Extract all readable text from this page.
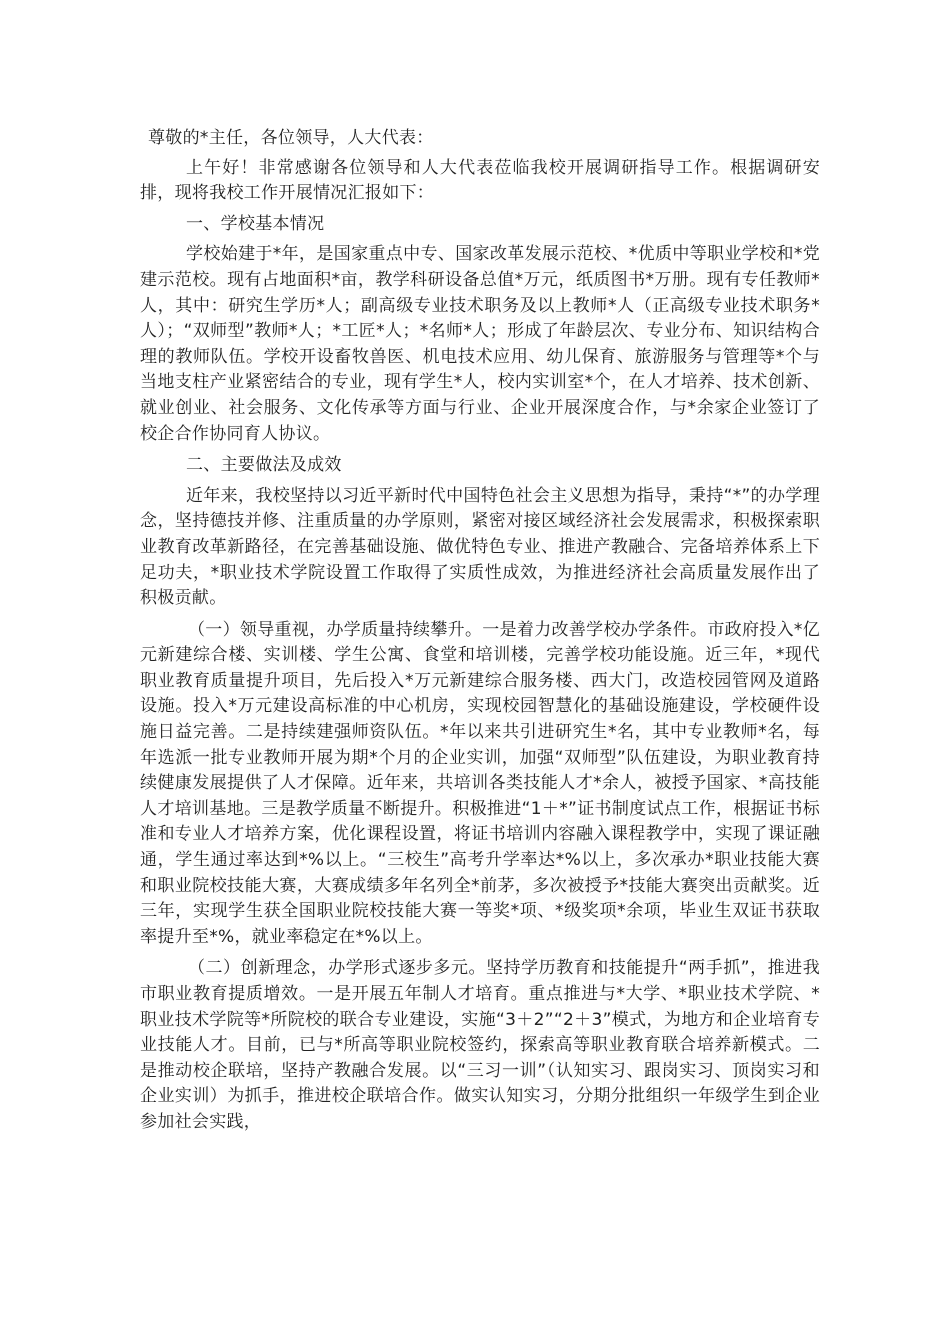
尊敬的*主任，各位领导，人大代表：

上午好！非常感谢各位领导和人大代表莅临我校开展调研指导工作。根据调研安排，现将我校工作开展情况汇报如下：

一、学校基本情况

学校始建于*年，是国家重点中专、国家改革发展示范校、*优质中等职业学校和*党建示范校。现有占地面积*亩，教学科研设备总值*万元，纸质图书*万册。现有专任教师*人，其中：研究生学历*人；副高级专业技术职务及以上教师*人（正高级专业技术职务*人）；“双师型”教师*人；*工匠*人；*名师*人；形成了年龄层次、专业分布、知识结构合理的教师队伍。学校开设畜牧兽医、机电技术应用、幼儿保育、旅游服务与管理等*个与当地支柱产业紧密结合的专业，现有学生*人，校内实训室*个，在人才培养、技术创新、就业创业、社会服务、文化传承等方面与行业、企业开展深度合作，与*余家企业签订了校企合作协同育人协议。

二、主要做法及成效

近年来，我校坚持以习近平新时代中国特色社会主义思想为指导，秉持“*”的办学理念，坚持德技并修、注重质量的办学原则，紧密对接区域经济社会发展需求，积极探索职业教育改革新路径，在完善基础设施、做优特色专业、推进产教融合、完备培养体系上下足功夫，*职业技术学院设置工作取得了实质性成效，为推进经济社会高质量发展作出了积极贡献。

（一）领导重视，办学质量持续攀升。一是着力改善学校办学条件。市政府投入*亿元新建综合楼、实训楼、学生公寓、食堂和培训楼，完善学校功能设施。近三年，*现代职业教育质量提升项目，先后投入*万元新建综合服务楼、西大门，改造校园管网及道路设施。投入*万元建设高标准的中心机房，实现校园智慧化的基础设施建设，学校硬件设施日益完善。二是持续建强师资队伍。*年以来共引进研究生*名，其中专业教师*名，每年选派一批专业教师开展为期*个月的企业实训，加强“双师型”队伍建设，为职业教育持续健康发展提供了人才保障。近年来，共培训各类技能人才*余人，被授予国家、*高技能人才培训基地。三是教学质量不断提升。积极推进“1＋*”证书制度试点工作，根据证书标准和专业人才培养方案，优化课程设置，将证书培训内容融入课程教学中，实现了课证融通，学生通过率达到*%以上。“三校生”高考升学率达*%以上，多次承办*职业技能大赛和职业院校技能大赛，大赛成绩多年名列全*前茅，多次被授予*技能大赛突出贡献奖。近三年，实现学生获全国职业院校技能大赛一等奖*项、*级奖项*余项，毕业生双证书获取率提升至*%，就业率稳定在*%以上。

（二）创新理念，办学形式逐步多元。坚持学历教育和技能提升“两手抓”，推进我市职业教育提质增效。一是开展五年制人才培育。重点推进与*大学、*职业技术学院、*职业技术学院等*所院校的联合专业建设，实施“3＋2”“2＋3”模式，为地方和企业培育专业技能人才。目前，已与*所高等职业院校签约，探索高等职业教育联合培养新模式。二是推动校企联培，坚持产教融合发展。以“三习一训”（认知实习、跟岗实习、顶岗实习和企业实训）为抓手，推进校企联培合作。做实认知实习，分期分批组织一年级学生到企业参加社会实践，
